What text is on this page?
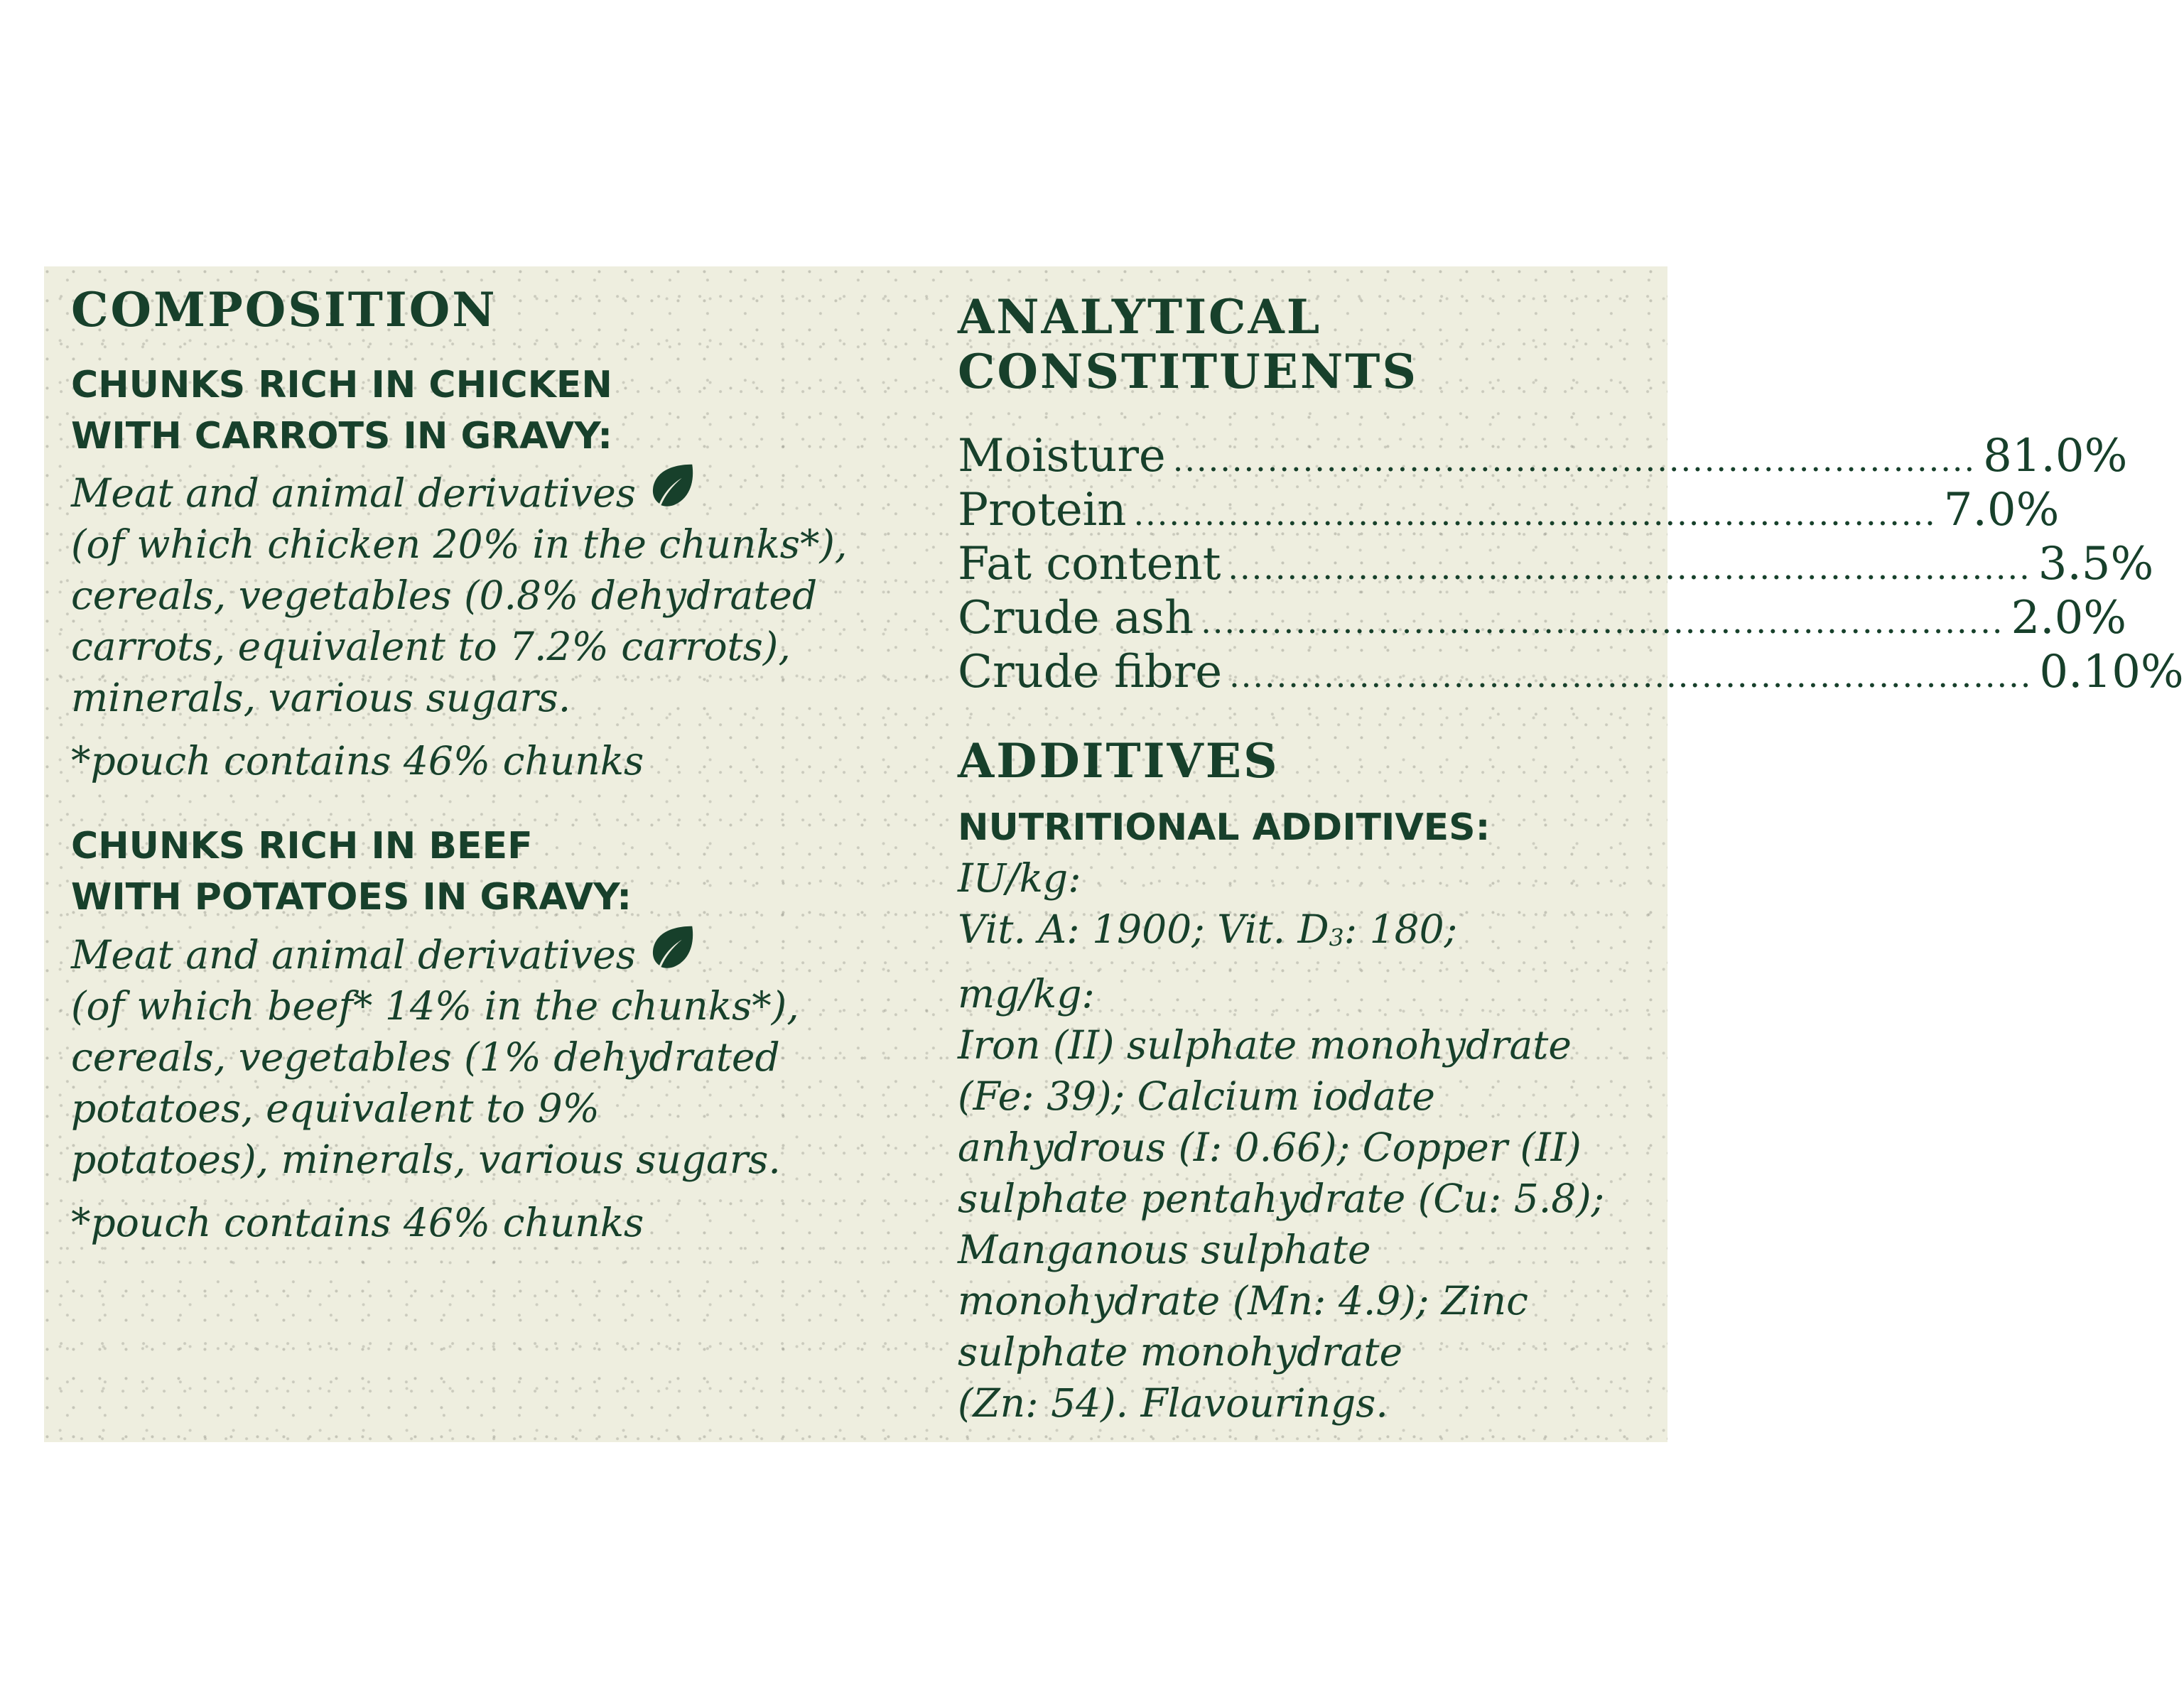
COMPOSITION
CHUNKS RICH IN CHICKEN
WITH CARROTS IN GRAVY:
Meat and animal derivatives
(of which chicken 20% in the chunks*),
cereals, vegetables (0.8% dehydrated
carrots, equivalent to 7.2% carrots),
minerals, various sugars.
*pouch contains 46% chunks
CHUNKS RICH IN BEEF
WITH POTATOES IN GRAVY:
Meat and animal derivatives
(of which beef* 14% in the chunks*),
cereals, vegetables (1% dehydrated
potatoes, equivalent to 9%
potatoes), minerals, various sugars.
*pouch contains 46% chunks
ANALYTICAL
CONSTITUENTS
Moisture .................................................................... 81.0%
Protein .................................................................... 7.0%
Fat content .................................................................... 3.5%
Crude ash .................................................................... 2.0%
Crude fibre .................................................................... 0.10%
ADDITIVES
NUTRITIONAL ADDITIVES:
IU/kg:
Vit. A: 1900; Vit. $D_3$: 180;
mg/kg:
Iron (II) sulphate monohydrate
(Fe: 39); Calcium iodate
anhydrous (I: 0.66); Copper (II)
sulphate pentahydrate (Cu: 5.8);
Manganous sulphate
monohydrate (Mn: 4.9); Zinc
sulphate monohydrate
(Zn: 54). Flavourings.
